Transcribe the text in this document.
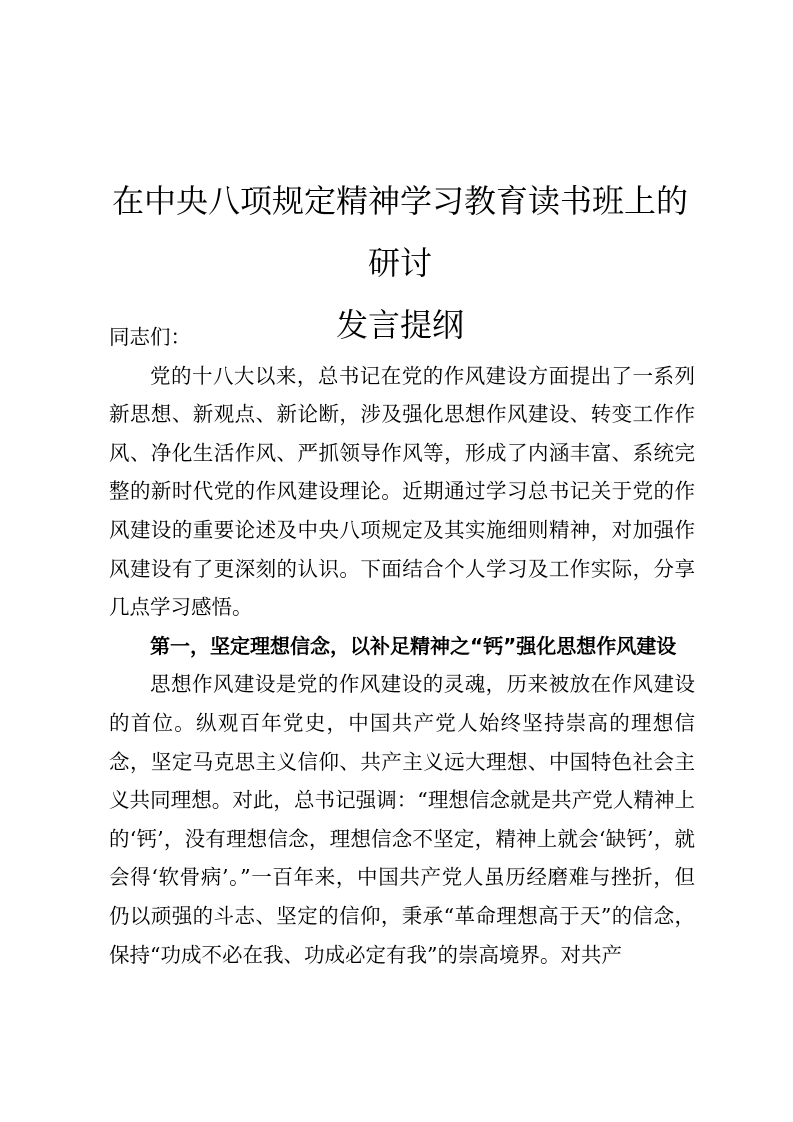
在中央八项规定精神学习教育读书班上的研讨
发言提纲

同志们：

党的十八大以来，总书记在党的作风建设方面提出了一系列新思想、新观点、新论断，涉及强化思想作风建设、转变工作作风、净化生活作风、严抓领导作风等，形成了内涵丰富、系统完整的新时代党的作风建设理论。近期通过学习总书记关于党的作风建设的重要论述及中央八项规定及其实施细则精神，对加强作风建设有了更深刻的认识。下面结合个人学习及工作实际，分享几点学习感悟。

第一，坚定理想信念，以补足精神之“钙”强化思想作风建设

思想作风建设是党的作风建设的灵魂，历来被放在作风建设的首位。纵观百年党史，中国共产党人始终坚持崇高的理想信念，坚定马克思主义信仰、共产主义远大理想、中国特色社会主义共同理想。对此，总书记强调：“理想信念就是共产党人精神上的‘钙’，没有理想信念，理想信念不坚定，精神上就会‘缺钙’，就会得‘软骨病’。”一百年来，中国共产党人虽历经磨难与挫折，但仍以顽强的斗志、坚定的信仰，秉承“革命理想高于天”的信念，保持“功成不必在我、功成必定有我”的崇高境界。对共产
